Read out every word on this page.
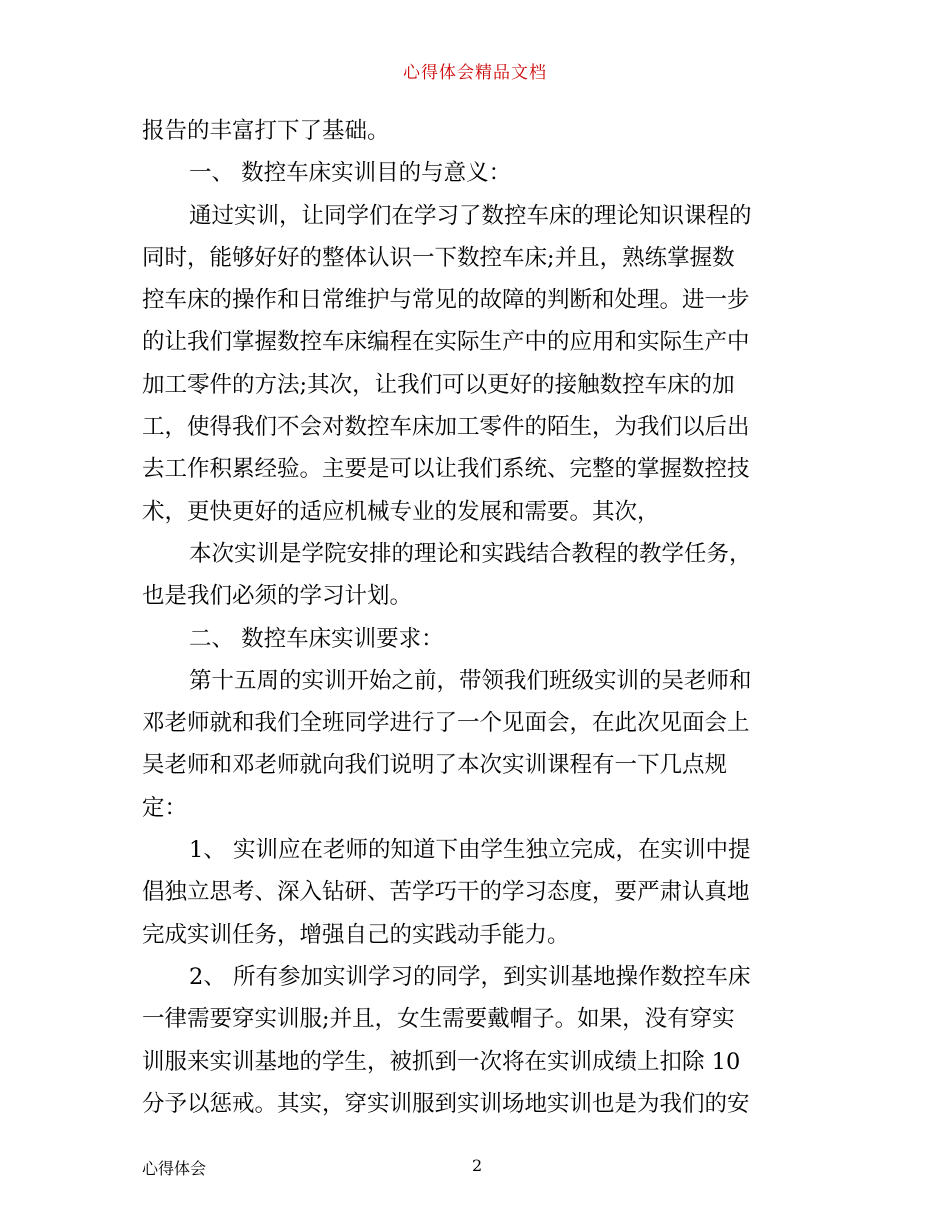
心得体会精品文档
报告的丰富打下了基础。
一、 数控车床实训目的与意义：
通过实训，让同学们在学习了数控车床的理论知识课程的
同时，能够好好的整体认识一下数控车床;并且，熟练掌握数
控车床的操作和日常维护与常见的故障的判断和处理。进一步
的让我们掌握数控车床编程在实际生产中的应用和实际生产中
加工零件的方法;其次，让我们可以更好的接触数控车床的加
工，使得我们不会对数控车床加工零件的陌生，为我们以后出
去工作积累经验。主要是可以让我们系统、完整的掌握数控技
术，更快更好的适应机械专业的发展和需要。其次，
本次实训是学院安排的理论和实践结合教程的教学任务，
也是我们必须的学习计划。
二、 数控车床实训要求：
第十五周的实训开始之前，带领我们班级实训的吴老师和
邓老师就和我们全班同学进行了一个见面会，在此次见面会上
吴老师和邓老师就向我们说明了本次实训课程有一下几点规
定：
1、 实训应在老师的知道下由学生独立完成，在实训中提
倡独立思考、深入钻研、苦学巧干的学习态度，要严肃认真地
完成实训任务，增强自己的实践动手能力。
2、 所有参加实训学习的同学，到实训基地操作数控车床
一律需要穿实训服;并且，女生需要戴帽子。如果，没有穿实
训服来实训基地的学生，被抓到一次将在实训成绩上扣除 10
分予以惩戒。其实，穿实训服到实训场地实训也是为我们的安
心得体会	2
